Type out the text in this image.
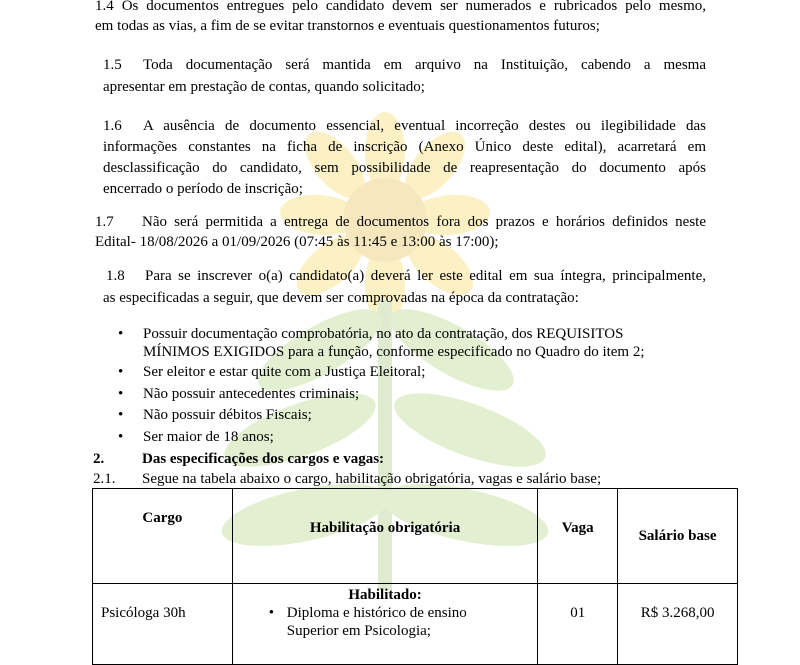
1.4 Os documentos entregues pelo candidato devem ser numerados e rubricados pelo mesmo,

em todas as vias, a fim de se evitar transtornos e eventuais questionamentos futuros;

1.5 Toda documentação será mantida em arquivo na Instituição, cabendo a mesma

apresentar em prestação de contas, quando solicitado;

1.6 A ausência de documento essencial, eventual incorreção destes ou ilegibilidade das

informações constantes na ficha de inscrição (Anexo Único deste edital), acarretará em

desclassificação do candidato, sem possibilidade de reapresentação do documento após

encerrado o período de inscrição;

1.7 Não será permitida a entrega de documentos fora dos prazos e horários definidos neste

Edital- 18/08/2026 a 01/09/2026 (07:45 às 11:45 e 13:00 às 17:00);

1.8 Para se inscrever o(a) candidato(a) deverá ler este edital em sua íntegra, principalmente,

as especificadas a seguir, que devem ser comprovadas na época da contratação:

• Possuir documentação comprobatória, no ato da contratação, dos REQUISITOS

MÍNIMOS EXIGIDOS para a função, conforme especificado no Quadro do item 2;

• Ser eleitor e estar quite com a Justiça Eleitoral;

• Não possuir antecedentes criminais;

• Não possuir débitos Fiscais;

• Ser maior de 18 anos;

2.	Das especificações dos cargos e vagas:

2.1. Segue na tabela abaixo o cargo, habilitação obrigatória, vagas e salário base;

Cargo	Habilitação obrigatória	Vaga	Salário base
Psicóloga 30h	Habilitado:
• Diploma e histórico de ensino
Superior em Psicologia;	01	R$ 3.268,00
